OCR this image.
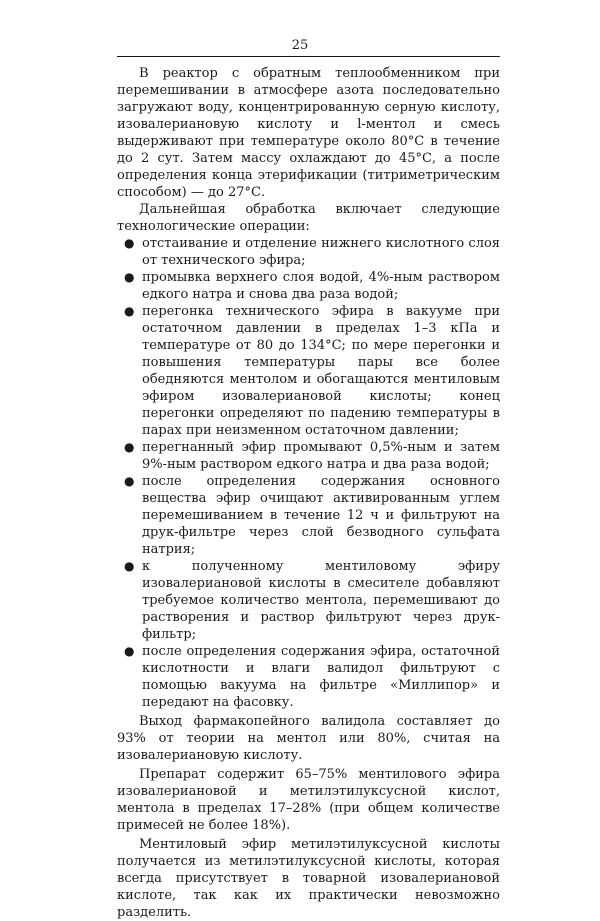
25

В реактор с обратным теплообменником при перемешивании в атмосфере азота последовательно загружают воду, концентрированную серную кислоту, изовалериановую кислоту и l-ментол и смесь выдерживают при температуре около 80°С в течение до 2 сут. Затем массу охлаждают до 45°С, а после определения конца этерификации (титриметрическим способом) — до 27°С.

Дальнейшая обработка включает следующие технологические операции:

● отстаивание и отделение нижнего кислотного слоя от технического эфира;
● промывка верхнего слоя водой, 4%-ным раствором едкого натра и снова два раза водой;
● перегонка технического эфира в вакууме при остаточном давлении в пределах 1–3 кПа и температуре от 80 до 134°С; по мере перегонки и повышения температуры пары все более обедняются ментолом и обогащаются ментиловым эфиром изовалериановой кислоты; конец перегонки определяют по падению температуры в парах при неизменном остаточном давлении;
● перегнанный эфир промывают 0,5%-ным и затем 9%-ным раствором едкого натра и два раза водой;
● после определения содержания основного вещества эфир очищают активированным углем перемешиванием в течение 12 ч и фильтруют на друк-фильтре через слой безводного сульфата натрия;
● к полученному ментиловому эфиру изовалериановой кислоты в смесителе добавляют требуемое количество ментола, перемешивают до растворения и раствор фильтруют через друк-фильтр;
● после определения содержания эфира, остаточной кислотности и влаги валидол фильтруют с помощью вакуума на фильтре «Миллипор» и передают на фасовку.

Выход фармакопейного валидола составляет до 93% от теории на ментол или 80%, считая на изовалериановую кислоту.

Препарат содержит 65–75% ментилового эфира изовалериановой и метилэтилуксусной кислот, ментола в пределах 17–28% (при общем количестве примесей не более 18%).

Ментиловый эфир метилэтилуксусной кислоты получается из метилэтилуксусной кислоты, которая всегда присутствует в товарной изовалериановой кислоте, так как их практически невозможно разделить.
